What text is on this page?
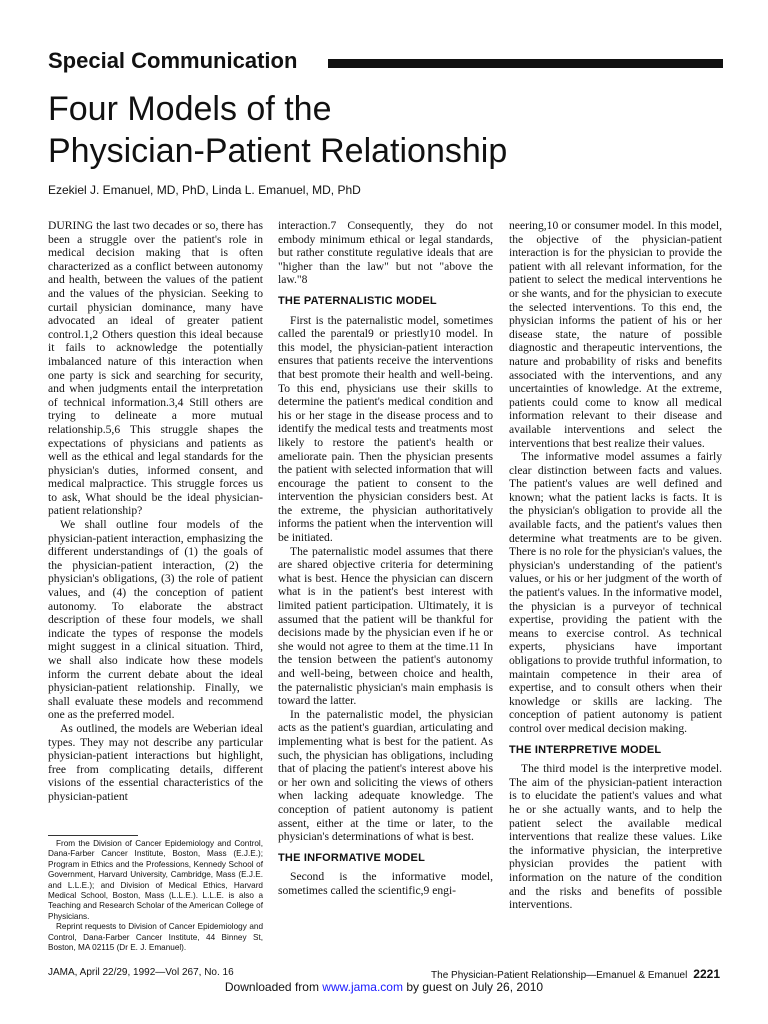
Special Communication
Four Models of the
Physician-Patient Relationship
Ezekiel J. Emanuel, MD, PhD, Linda L. Emanuel, MD, PhD

DURING the last two decades or so, there has been a struggle over the patient's role in medical decision making that is often characterized as a conflict between autonomy and health, between the values of the patient and the values of the physician. Seeking to curtail physician dominance, many have advocated an ideal of greater patient control.1,2 Others question this ideal because it fails to acknowledge the potentially imbalanced nature of this interaction when one party is sick and searching for security, and when judgments entail the interpretation of technical information.3,4 Still others are trying to delineate a more mutual relationship.5,6 This struggle shapes the expectations of physicians and patients as well as the ethical and legal standards for the physician's duties, informed consent, and medical malpractice. This struggle forces us to ask, What should be the ideal physician-patient relationship?

We shall outline four models of the physician-patient interaction, emphasizing the different understandings of (1) the goals of the physician-patient interaction, (2) the physician's obligations, (3) the role of patient values, and (4) the conception of patient autonomy. To elaborate the abstract description of these four models, we shall indicate the types of response the models might suggest in a clinical situation. Third, we shall also indicate how these models inform the current debate about the ideal physician-patient relationship. Finally, we shall evaluate these models and recommend one as the preferred model.

As outlined, the models are Weberian ideal types. They may not describe any particular physician-patient interactions but highlight, free from complicating details, different visions of the essential characteristics of the physician-patient

interaction.7 Consequently, they do not embody minimum ethical or legal standards, but rather constitute regulative ideals that are "higher than the law" but not "above the law."8

THE PATERNALISTIC MODEL

First is the paternalistic model, sometimes called the parental9 or priestly10 model. In this model, the physician-patient interaction ensures that patients receive the interventions that best promote their health and well-being. To this end, physicians use their skills to determine the patient's medical condition and his or her stage in the disease process and to identify the medical tests and treatments most likely to restore the patient's health or ameliorate pain. Then the physician presents the patient with selected information that will encourage the patient to consent to the intervention the physician considers best. At the extreme, the physician authoritatively informs the patient when the intervention will be initiated.

The paternalistic model assumes that there are shared objective criteria for determining what is best. Hence the physician can discern what is in the patient's best interest with limited patient participation. Ultimately, it is assumed that the patient will be thankful for decisions made by the physician even if he or she would not agree to them at the time.11 In the tension between the patient's autonomy and well-being, between choice and health, the paternalistic physician's main emphasis is toward the latter.

In the paternalistic model, the physician acts as the patient's guardian, articulating and implementing what is best for the patient. As such, the physician has obligations, including that of placing the patient's interest above his or her own and soliciting the views of others when lacking adequate knowledge. The conception of patient autonomy is patient assent, either at the time or later, to the physician's determinations of what is best.

THE INFORMATIVE MODEL

Second is the informative model, sometimes called the scientific,9 engi-

neering,10 or consumer model. In this model, the objective of the physician-patient interaction is for the physician to provide the patient with all relevant information, for the patient to select the medical interventions he or she wants, and for the physician to execute the selected interventions. To this end, the physician informs the patient of his or her disease state, the nature of possible diagnostic and therapeutic interventions, the nature and probability of risks and benefits associated with the interventions, and any uncertainties of knowledge. At the extreme, patients could come to know all medical information relevant to their disease and available interventions and select the interventions that best realize their values.

The informative model assumes a fairly clear distinction between facts and values. The patient's values are well defined and known; what the patient lacks is facts. It is the physician's obligation to provide all the available facts, and the patient's values then determine what treatments are to be given. There is no role for the physician's values, the physician's understanding of the patient's values, or his or her judgment of the worth of the patient's values. In the informative model, the physician is a purveyor of technical expertise, providing the patient with the means to exercise control. As technical experts, physicians have important obligations to provide truthful information, to maintain competence in their area of expertise, and to consult others when their knowledge or skills are lacking. The conception of patient autonomy is patient control over medical decision making.

THE INTERPRETIVE MODEL

The third model is the interpretive model. The aim of the physician-patient interaction is to elucidate the patient's values and what he or she actually wants, and to help the patient select the available medical interventions that realize these values. Like the informative physician, the interpretive physician provides the patient with information on the nature of the condition and the risks and benefits of possible interventions.

From the Division of Cancer Epidemiology and Control, Dana-Farber Cancer Institute, Boston, Mass (E.J.E.); Program in Ethics and the Professions, Kennedy School of Government, Harvard University, Cambridge, Mass (E.J.E. and L.L.E.); and Division of Medical Ethics, Harvard Medical School, Boston, Mass (L.L.E.). L.L.E. is also a Teaching and Research Scholar of the American College of Physicians.

Reprint requests to Division of Cancer Epidemiology and Control, Dana-Farber Cancer Institute, 44 Binney St, Boston, MA 02115 (Dr E. J. Emanuel).

JAMA, April 22/29, 1992—Vol 267, No. 16	The Physician-Patient Relationship—Emanuel & Emanuel 2221
Downloaded from www.jama.com by guest on July 26, 2010
